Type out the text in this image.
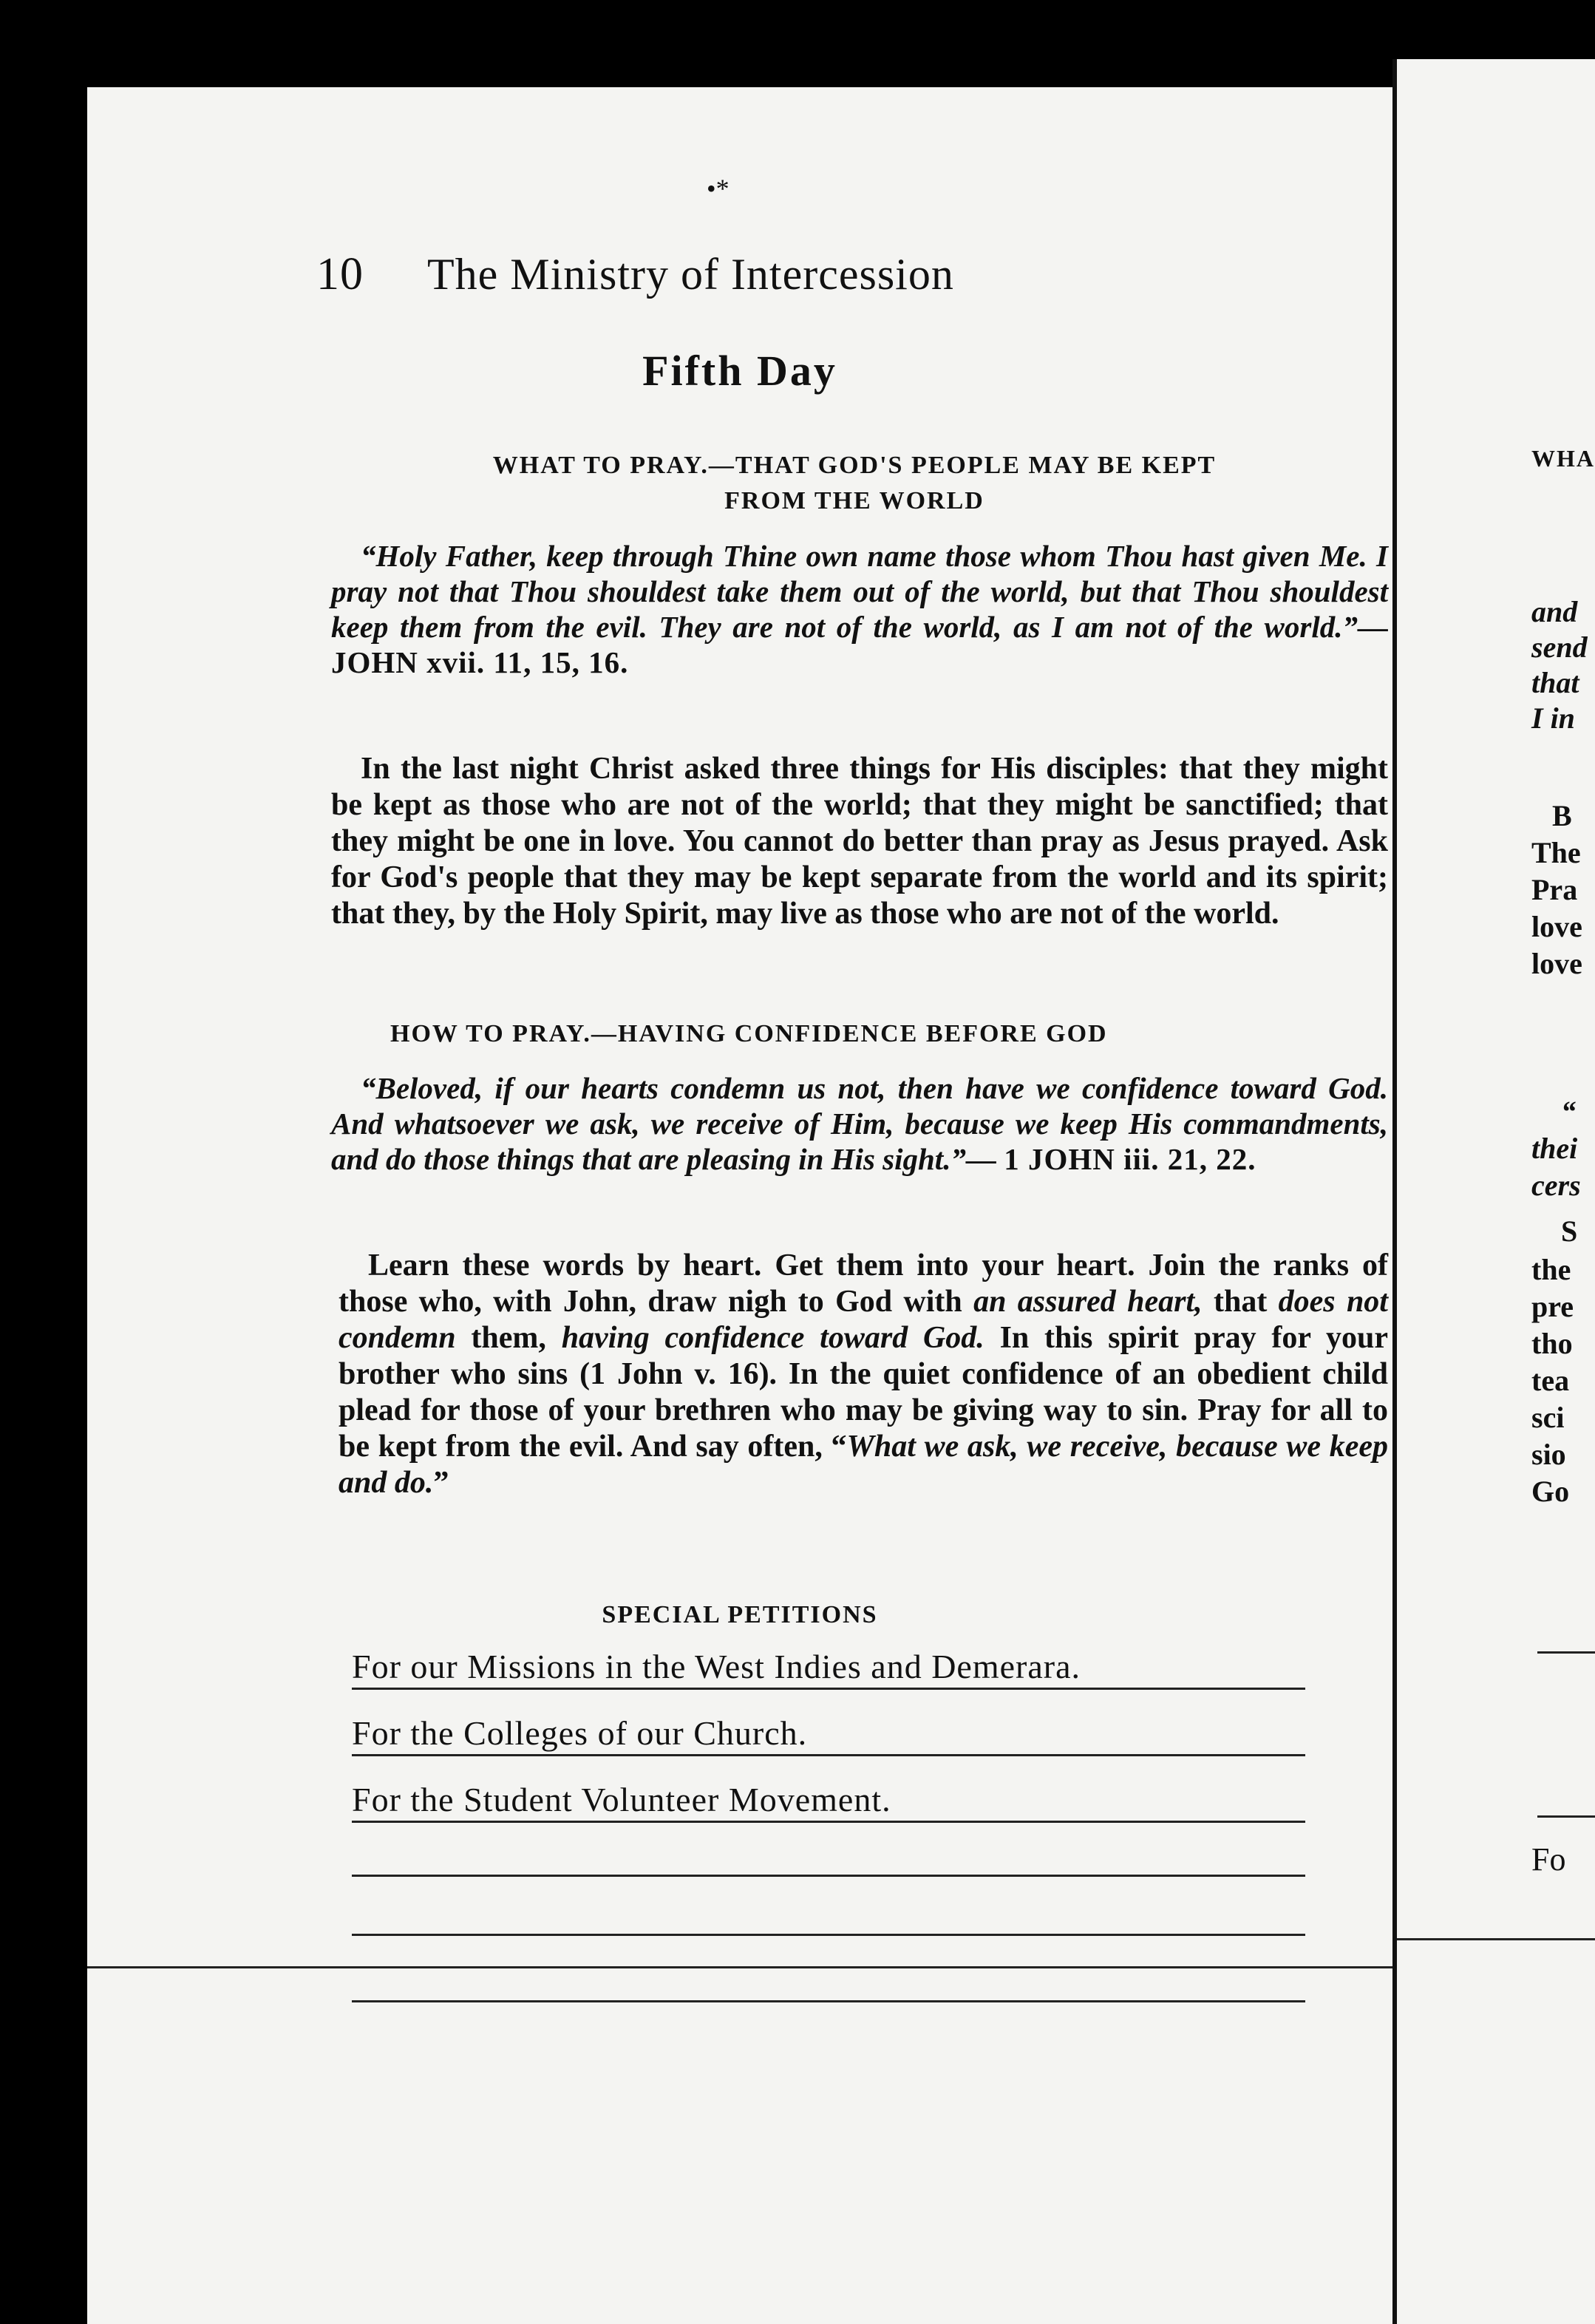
•*
10 The Ministry of Intercession
Fifth Day
WHAT TO PRAY.—THAT GOD'S PEOPLE MAY BE KEPT
FROM THE WORLD
“Holy Father, keep through Thine own name those whom Thou hast given Me. I pray not that Thou shouldest take them out of the world, but that Thou shouldest keep them from the evil. They are not of the world, as I am not of the world.”— JOHN xvii. 11, 15, 16.
In the last night Christ asked three things for His disciples: that they might be kept as those who are not of the world; that they might be sanctified; that they might be one in love. You cannot do better than pray as Jesus prayed. Ask for God's people that they may be kept separate from the world and its spirit; that they, by the Holy Spirit, may live as those who are not of the world.
HOW TO PRAY.—HAVING CONFIDENCE BEFORE GOD
“Beloved, if our hearts condemn us not, then have we confidence toward God. And whatsoever we ask, we receive of Him, because we keep His commandments, and do those things that are pleasing in His sight.”— 1 JOHN iii. 21, 22.
Learn these words by heart. Get them into your heart. Join the ranks of those who, with John, draw nigh to God with an assured heart, that does not condemn them, having confidence toward God. In this spirit pray for your brother who sins (1 John v. 16). In the quiet confidence of an obedient child plead for those of your brethren who may be giving way to sin. Pray for all to be kept from the evil. And say often, “What we ask, we receive, because we keep and do.”
SPECIAL PETITIONS
For our Missions in the West Indies and Demerara.
For the Colleges of our Church.
For the Student Volunteer Movement.
WHA
and
send
that
I in
B
The
Pra
love
love
“
thei
cers
S
the
pre
tho
tea
sci
sio
Go
Fo
